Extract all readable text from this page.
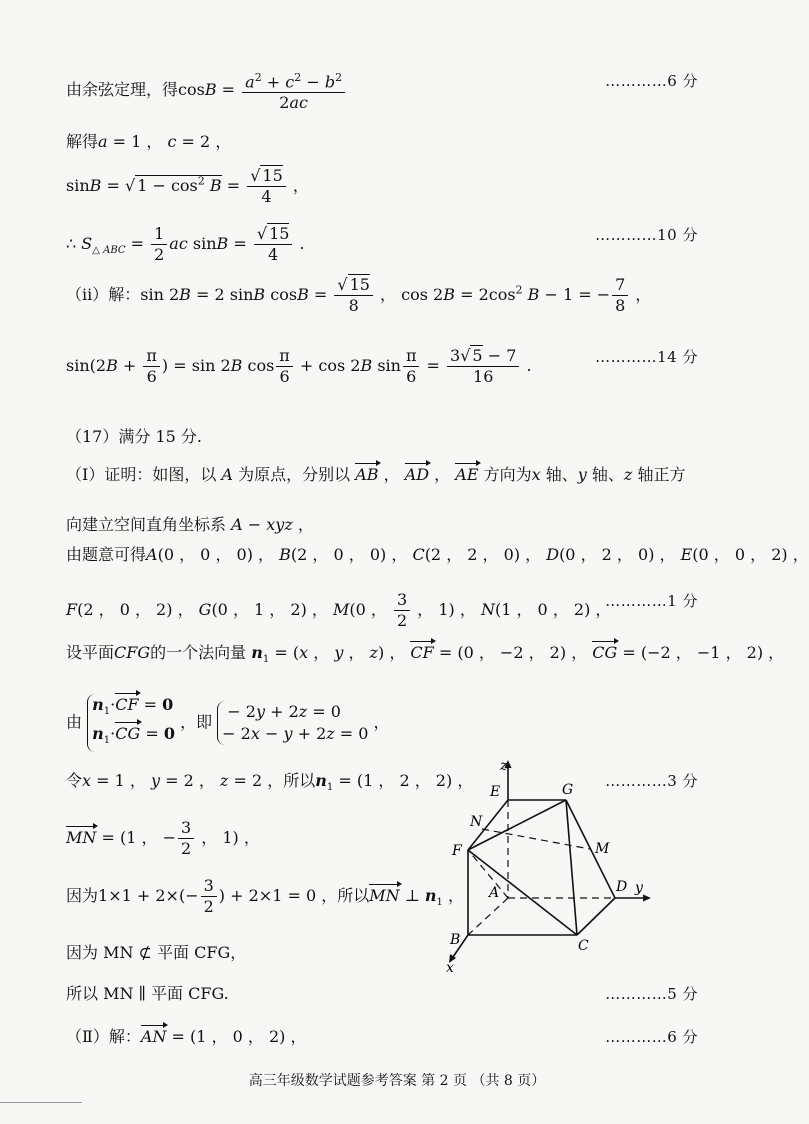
由余弦定理，得$\cos B = \frac{a^2 + c^2 - b^2}{2ac}$	…………6 分
解得a = 1 ， c = 2 ，
sinB = √ $1 - \cos^2 B = \frac{√ 15}{4}$ ，
∴ $S_{\triangle ABC} = \frac{1}{2}$ ac $\sin B = \frac{√ 15}{4}$ .	…………10 分
（ii）解：sin 2B = 2 sinB $\cos B = \frac{√ 15}{8}$ ， $\cos 2B = 2\cos^2$ B − 1 = − $\frac{7}{8}$ ，
$\sin(2B + \frac{\pi}{6}$ ) = sin 2B $\cos \frac{\pi}{6} + \cos 2B$ $\sin \frac{\pi}{6} = \frac{3√ 5 - 7}{16}$ .	…………14 分
（17）满分 15 分.
（Ⅰ）证明：如图，以 A 为原点，分别以 AB ， AD ， AE 方向为x 轴、y 轴、z 轴正方
向建立空间直角坐标系 A − xyz ，
由题意可得A(0 ， 0 ， 0) ， B(2 ， 0 ， 0) ， C(2 ， 2 ， 0) ， D(0 ， 2 ， 0) ， E(0 ， 0 ， 2) ，
F(2 ， 0 ， 2) ， G(0 ， 1 ， 2) ， M(0 ， $\frac{3}{2}$ ， 1) ， N(1 ， 0 ， 2) ，
…………1 分
设平面CFG的一个法向量 $n_1 = (x$ ， y ， z) ， CF = (0 ， −2 ， 2) ， CG = (−2 ， −1 ， 2) ，
由 $n_1\cdot CF = 0$
$n_1\cdot CG = 0$ ，即  − 2y + 2z = 0
− 2x − y + 2z = 0 ，
令x = 1 ， y = 2 ， z = 2 ，所以$n_1 = (1$ ， 2 ， 2) ，	…………3 分
MN = (1 ， − $\frac{3}{2}$ ， 1) ，
因为$1\times 1 + 2\times(- \frac{3}{2}$ ) + 2×1 = 0 ，所以MN ⊥ $n_1$ ，
因为 MN ⊄ 平面 CFG，
所以 MN ∥ 平面 CFG.	…………5 分
（Ⅱ）解：AN = (1 ， 0 ， 2) ，	…………6 分
z
E	G
N
M
F
A	D y
B	C
x
高三年级数学试题参考答案 第 2 页 （共 8 页）
